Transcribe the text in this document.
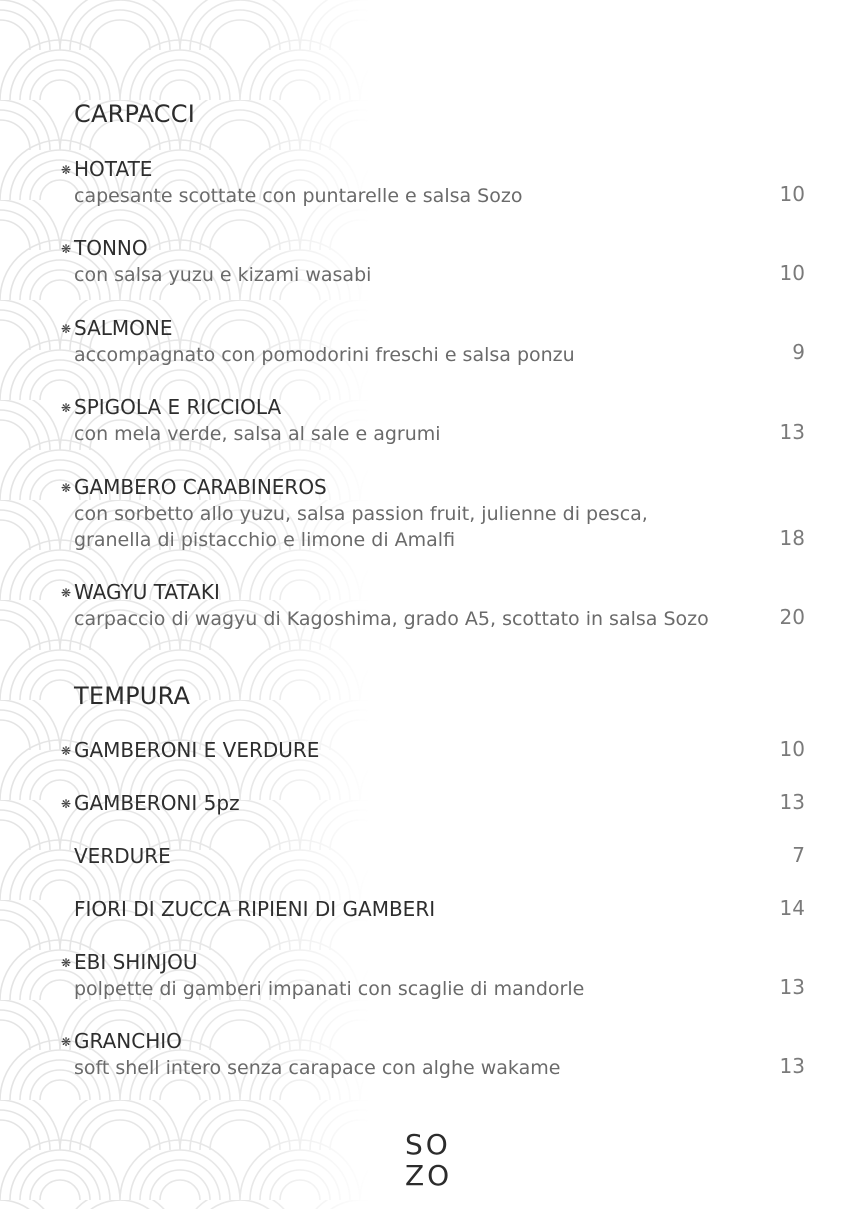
CARPACCI
❋ HOTATE
capesante scottate con puntarelle e salsa Sozo	10
❋ TONNO
con salsa yuzu e kizami wasabi	10
❋ SALMONE
accompagnato con pomodorini freschi e salsa ponzu	9
❋ SPIGOLA E RICCIOLA
con mela verde, salsa al sale e agrumi	13
❋ GAMBERO CARABINEROS
con sorbetto allo yuzu, salsa passion fruit, julienne di pesca,
granella di pistacchio e limone di Amalfi	18
❋ WAGYU TATAKI
carpaccio di wagyu di Kagoshima, grado A5, scottato in salsa Sozo	20
TEMPURA
❋ GAMBERONI E VERDURE	10
❋ GAMBERONI 5pz	13
VERDURE	7
FIORI DI ZUCCA RIPIENI DI GAMBERI	14
❋ EBI SHINJOU
polpette di gamberi impanati con scaglie di mandorle	13
❋ GRANCHIO
soft shell intero senza carapace con alghe wakame	13
SO
ZO
